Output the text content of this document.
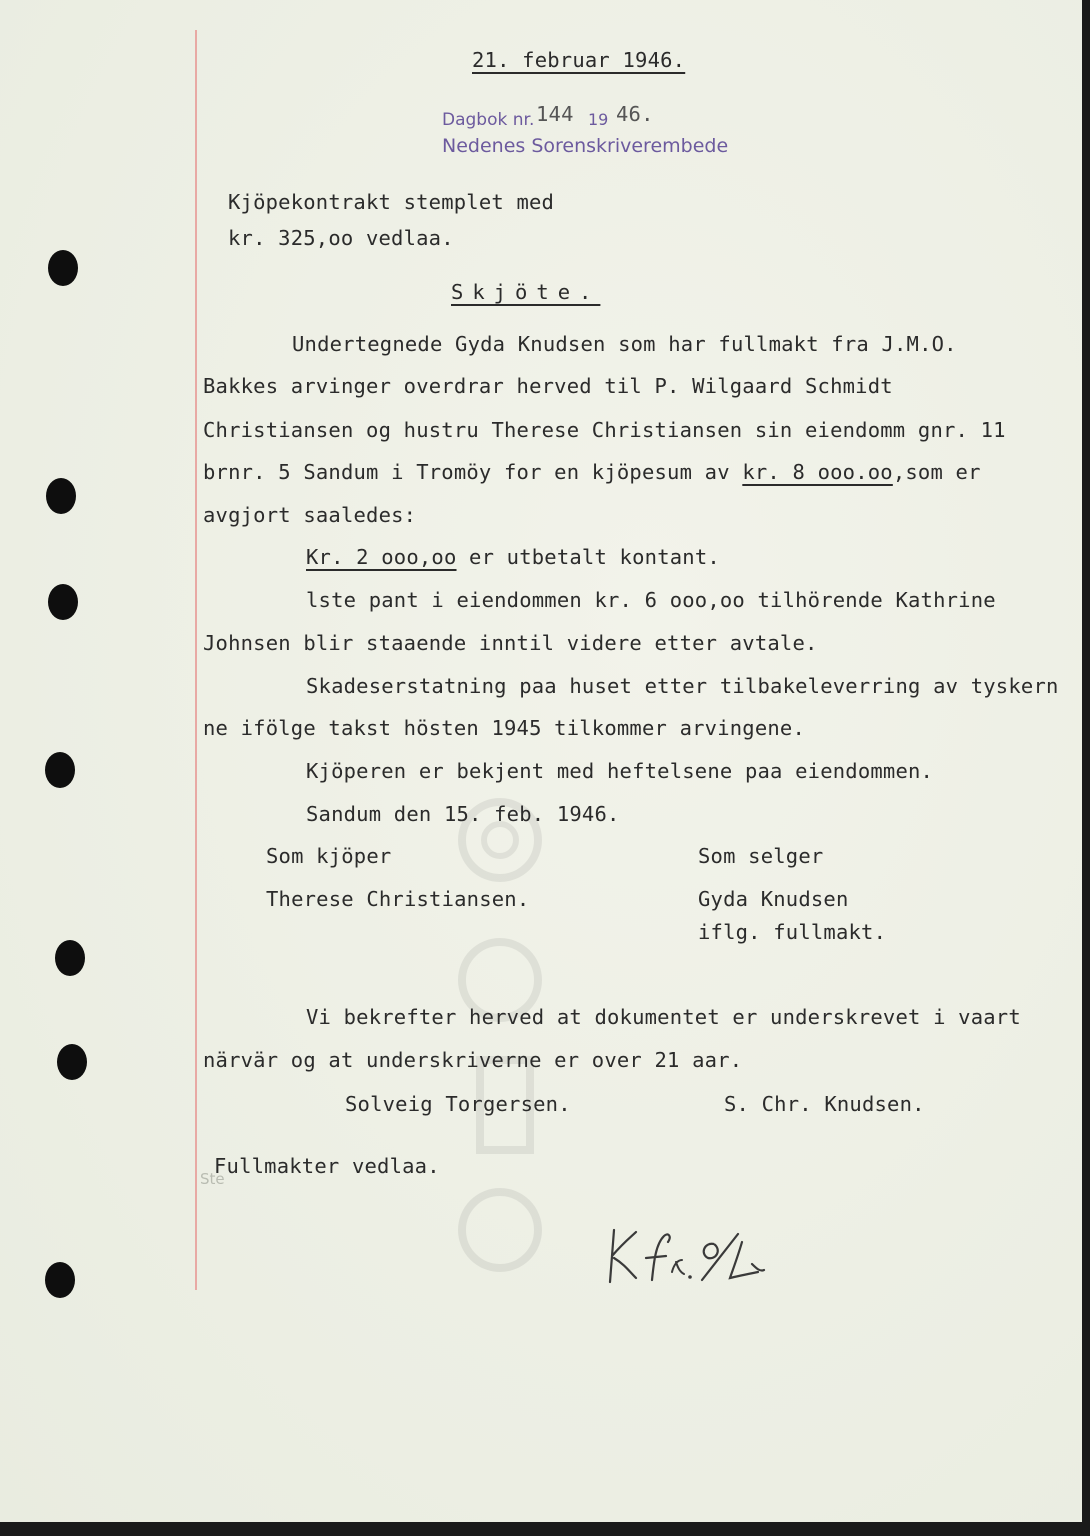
21. februar 1946.
Dagbok nr. 144 19 46.
Nedenes Sorenskriverembede
Kjöpekontrakt stemplet med
kr. 325,oo vedlaa.
Skjöte.
Undertegnede Gyda Knudsen som har fullmakt fra J.M.O.
Bakkes arvinger overdrar herved til P. Wilgaard Schmidt
Christiansen og hustru Therese Christiansen sin eiendomm gnr. 11
brnr. 5 Sandum i Tromöy for en kjöpesum av kr. 8 ooo.oo,som er
avgjort saaledes:
Kr. 2 ooo,oo er utbetalt kontant.
lste pant i eiendommen kr. 6 ooo,oo tilhörende Kathrine
Johnsen blir staaende inntil videre etter avtale.
Skadeserstatning paa huset etter tilbakeleverring av tyskern
ne ifölge takst hösten 1945 tilkommer arvingene.
Kjöperen er bekjent med heftelsene paa eiendommen.
Sandum den 15. feb. 1946.
Som kjöper	Som selger
Therese Christiansen.	Gyda Knudsen
iflg. fullmakt.
Vi bekrefter herved at dokumentet er underskrevet i vaart
närvär og at underskriverne er over 21 aar.
Solveig Torgersen.	S. Chr. Knudsen.
Fullmakter vedlaa.
Ste
